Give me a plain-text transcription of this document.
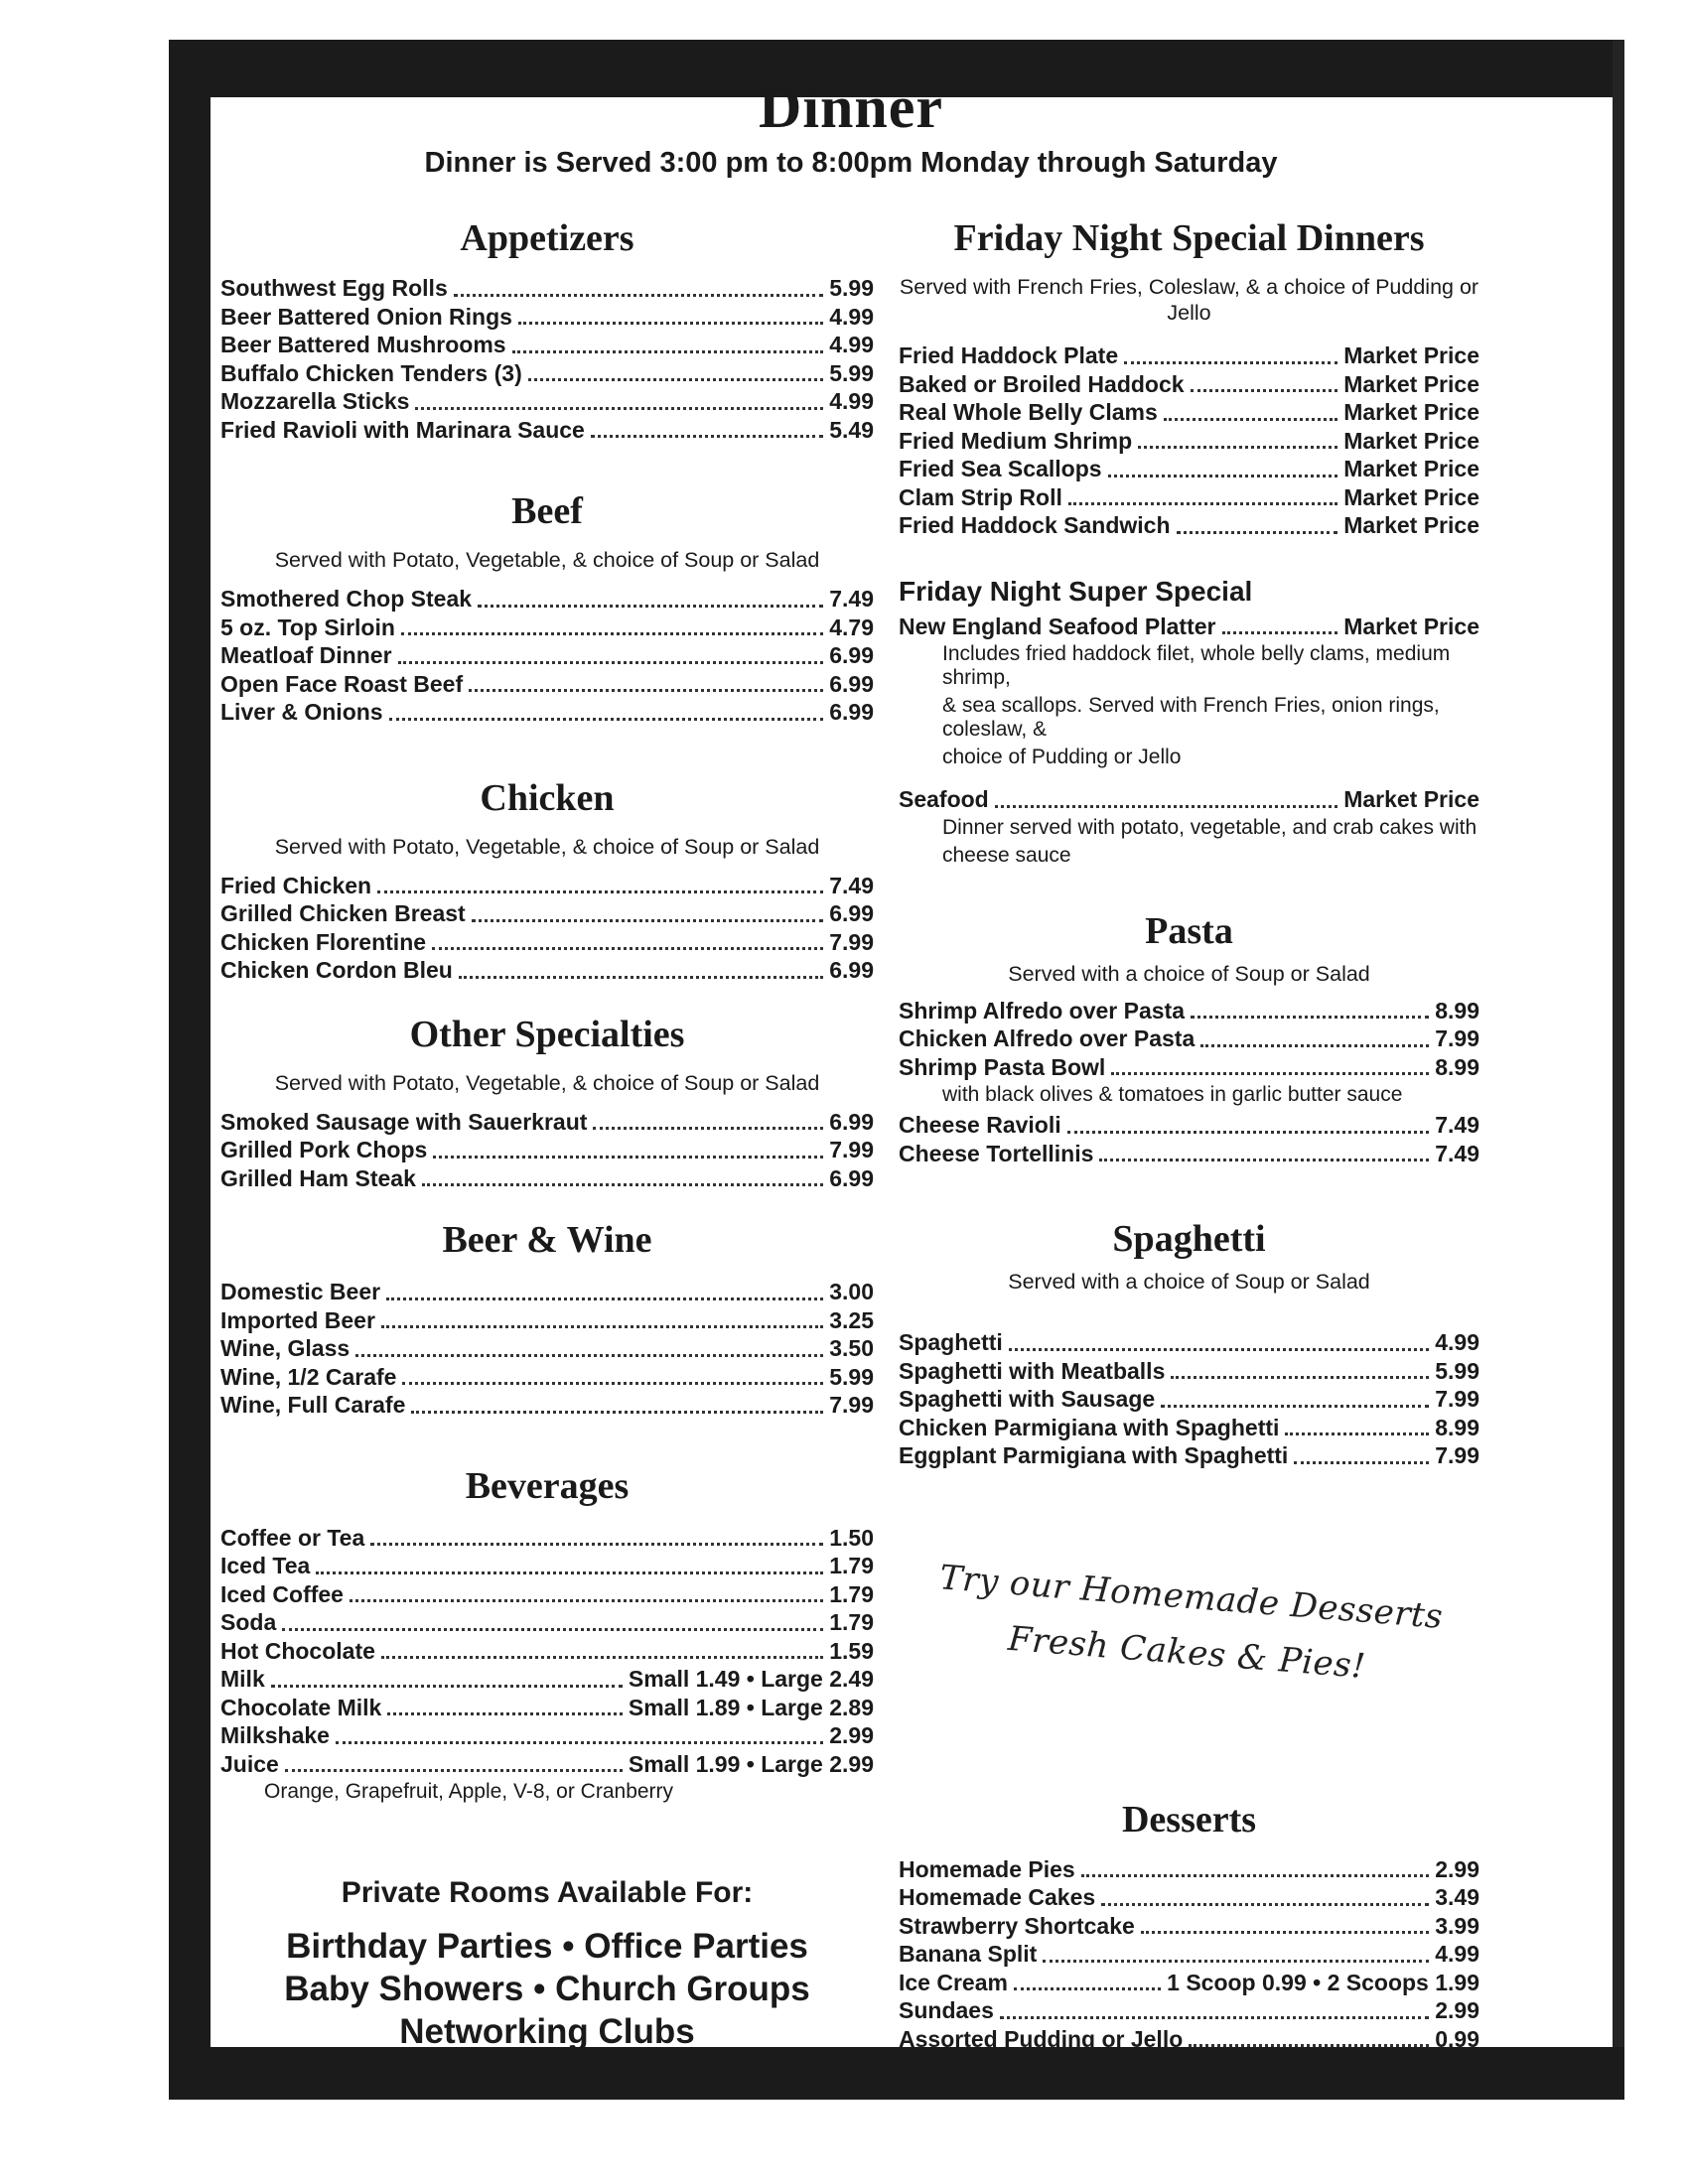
Dinner

Dinner is Served 3:00 pm to 8:00pm Monday through Saturday

Appetizers
Southwest Egg Rolls	5.99
Beer Battered Onion Rings	4.99
Beer Battered Mushrooms	4.99
Buffalo Chicken Tenders (3)	5.99
Mozzarella Sticks	4.99
Fried Ravioli with Marinara Sauce	5.49
Beef

Served with Potato, Vegetable, & choice of Soup or Salad

Smothered Chop Steak	7.49
5 oz. Top Sirloin	4.79
Meatloaf Dinner	6.99
Open Face Roast Beef	6.99
Liver & Onions	6.99
Chicken

Served with Potato, Vegetable, & choice of Soup or Salad

Fried Chicken	7.49
Grilled Chicken Breast	6.99
Chicken Florentine	7.99
Chicken Cordon Bleu	6.99
Other Specialties

Served with Potato, Vegetable, & choice of Soup or Salad

Smoked Sausage with Sauerkraut	6.99
Grilled Pork Chops	7.99
Grilled Ham Steak	6.99
Beer & Wine
Domestic Beer	3.00
Imported Beer	3.25
Wine, Glass	3.50
Wine, 1/2 Carafe	5.99
Wine, Full Carafe	7.99
Beverages
Coffee or Tea	1.50
Iced Tea	1.79
Iced Coffee	1.79
Soda	1.79
Hot Chocolate	1.59
Milk	Small 1.49 • Large 2.49
Chocolate Milk	Small 1.89 • Large 2.89
Milkshake	2.99
Juice	Small 1.99 • Large 2.99
Orange, Grapefruit, Apple, V-8, or Cranberry
Private Rooms Available For:
Birthday Parties • Office Parties
Baby Showers • Church Groups
Networking Clubs
Friday Night Special Dinners

Served with French Fries, Coleslaw, & a choice of Pudding or Jello

Fried Haddock Plate	Market Price
Baked or Broiled Haddock	Market Price
Real Whole Belly Clams	Market Price
Fried Medium Shrimp	Market Price
Fried Sea Scallops	Market Price
Clam Strip Roll	Market Price
Fried Haddock Sandwich	Market Price
Friday Night Super Special
New England Seafood Platter	Market Price
Includes fried haddock filet, whole belly clams, medium shrimp,
& sea scallops. Served with French Fries, onion rings, coleslaw, &
choice of Pudding or Jello
Seafood	Market Price
Dinner served with potato, vegetable, and crab cakes with
cheese sauce
Pasta

Served with a choice of Soup or Salad

Shrimp Alfredo over Pasta	8.99
Chicken Alfredo over Pasta	7.99
Shrimp Pasta Bowl	8.99
with black olives & tomatoes in garlic butter sauce
Cheese Ravioli	7.49
Cheese Tortellinis	7.49
Spaghetti

Served with a choice of Soup or Salad

Spaghetti	4.99
Spaghetti with Meatballs	5.99
Spaghetti with Sausage	7.99
Chicken Parmigiana with Spaghetti	8.99
Eggplant Parmigiana with Spaghetti	7.99
Try our Homemade Desserts
Fresh Cakes & Pies!
Desserts
Homemade Pies	2.99
Homemade Cakes	3.49
Strawberry Shortcake	3.99
Banana Split	4.99
Ice Cream	1 Scoop 0.99 • 2 Scoops 1.99
Sundaes	2.99
Assorted Pudding or Jello	0.99
